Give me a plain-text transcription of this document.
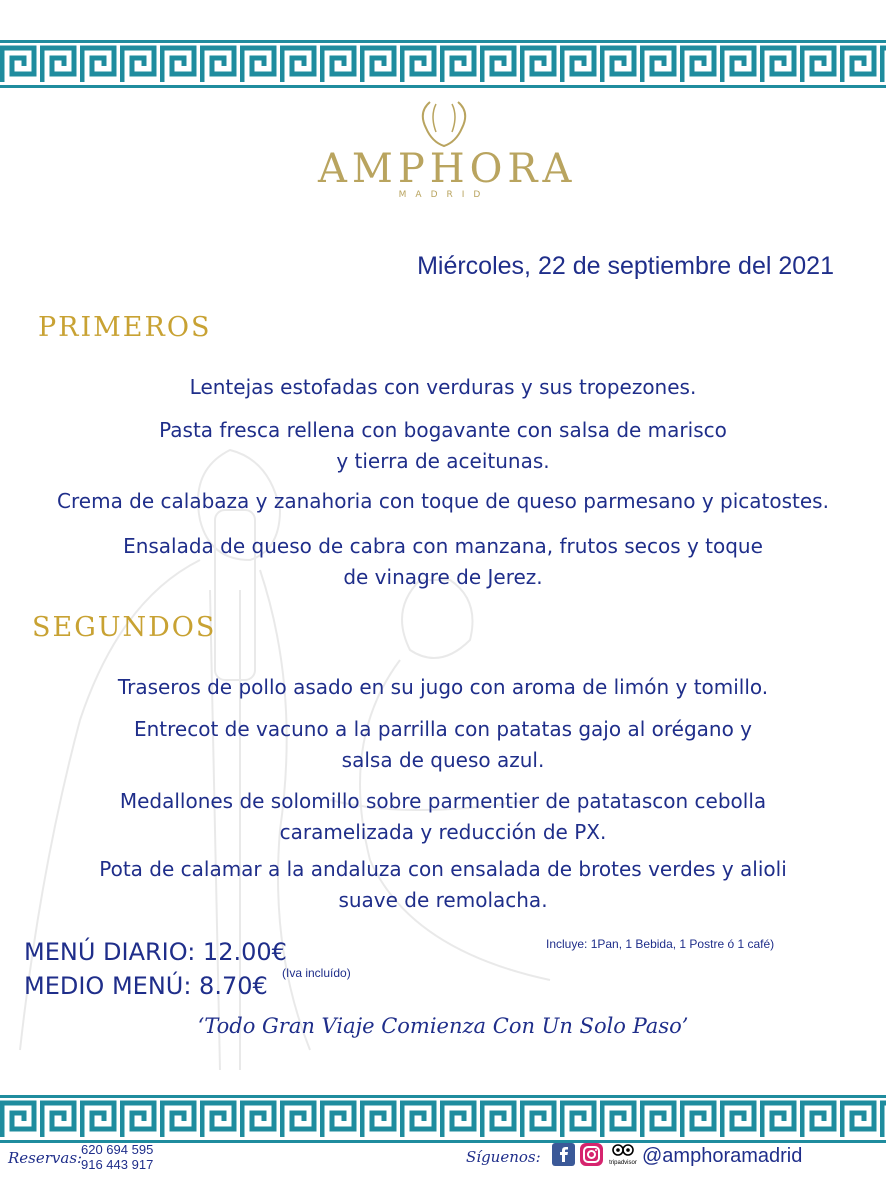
AMPHORA
MADRID
Miércoles, 22 de septiembre del 2021
PRIMEROS
Lentejas estofadas con verduras y sus tropezones.
Pasta fresca rellena con bogavante con salsa de marisco
y tierra de aceitunas.
Crema de calabaza y zanahoria con toque de queso parmesano y picatostes.
Ensalada de queso de cabra con manzana, frutos secos y toque
de vinagre de Jerez.
SEGUNDOS
Traseros de pollo asado en su jugo con aroma de limón y tomillo.
Entrecot de vacuno a la parrilla con patatas gajo al orégano y
salsa de queso azul.
Medallones de solomillo sobre parmentier de patatascon cebolla
caramelizada y reducción de PX.
Pota de calamar a la andaluza con ensalada de brotes verdes y alioli
suave de remolacha.
MENÚ DIARIO: 12.00€
MEDIO MENÚ: 8.70€ (Iva incluído)
Incluye: 1Pan, 1 Bebida, 1 Postre ó 1 café)
‘Todo Gran Viaje Comienza Con Un Solo Paso’
Reservas:
620 694 595
916 443 917	Síguenos:	tripadvisor @amphoramadrid
